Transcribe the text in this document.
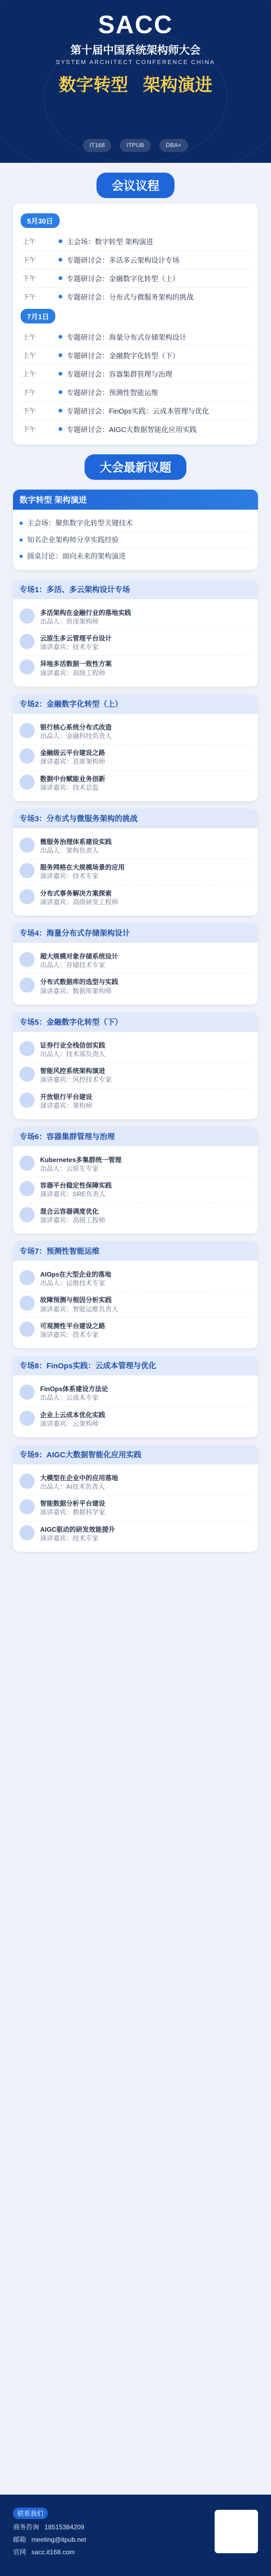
SACC
第十届中国系统架构师大会
SYSTEM ARCHITECT CONFERENCE CHINA
数字转型 架构演进
IT168	ITPUB	DBA+
会议议程
5月30日
上午	主会场：数字转型 架构演进
下午	专题研讨会：多活多云架构设计专场
下午	专题研讨会：金融数字化转型（上）
下午	专题研讨会：分布式与微服务架构的挑战
7月1日
上午	专题研讨会：海量分布式存储架构设计
上午	专题研讨会：金融数字化转型（下）
上午	专题研讨会：容器集群管理与治理
下午	专题研讨会：预测性智能运维
下午	专题研讨会：FinOps实践：云成本管理与优化
下午	专题研讨会：AIGC大数据智能化应用实践
大会最新议题
数字转型 架构演进
主会场：聚焦数字化转型关键技术
知名企业架构师分享实践经验
圆桌讨论：面向未来的架构演进
专场1：多活、多云架构设计专场
多活架构在金融行业的落地实践
出品人：资深架构师
云原生多云管理平台设计
演讲嘉宾：技术专家
异地多活数据一致性方案
演讲嘉宾：高级工程师
专场2：金融数字化转型（上）
银行核心系统分布式改造
出品人：金融科技负责人
金融级云平台建设之路
演讲嘉宾：首席架构师
数据中台赋能业务创新
演讲嘉宾：技术总监
专场3：分布式与微服务架构的挑战
微服务治理体系建设实践
出品人：架构负责人
服务网格在大规模场景的应用
演讲嘉宾：技术专家
分布式事务解决方案探索
演讲嘉宾：高级研发工程师
专场4：海量分布式存储架构设计
超大规模对象存储系统设计
出品人：存储技术专家
分布式数据库的选型与实践
演讲嘉宾：数据库架构师
专场5：金融数字化转型（下）
证券行业全栈信创实践
出品人：技术部负责人
智能风控系统架构演进
演讲嘉宾：风控技术专家
开放银行平台建设
演讲嘉宾：架构师
专场6：容器集群管理与治理
Kubernetes多集群统一管理
出品人：云原生专家
容器平台稳定性保障实践
演讲嘉宾：SRE负责人
混合云容器调度优化
演讲嘉宾：高级工程师
专场7：预测性智能运维
AIOps在大型企业的落地
出品人：运维技术专家
故障预测与根因分析实践
演讲嘉宾：智能运维负责人
可观测性平台建设之路
演讲嘉宾：技术专家
专场8：FinOps实践：云成本管理与优化
FinOps体系建设方法论
出品人：云成本专家
企业上云成本优化实践
演讲嘉宾：云架构师
专场9：AIGC大数据智能化应用实践
大模型在企业中的应用落地
出品人：AI技术负责人
智能数据分析平台建设
演讲嘉宾：数据科学家
AIGC驱动的研发效能提升
演讲嘉宾：技术专家
联系我们
商务咨询 18515384209
邮箱 meeting@itpub.net
官网 sacc.it168.com
